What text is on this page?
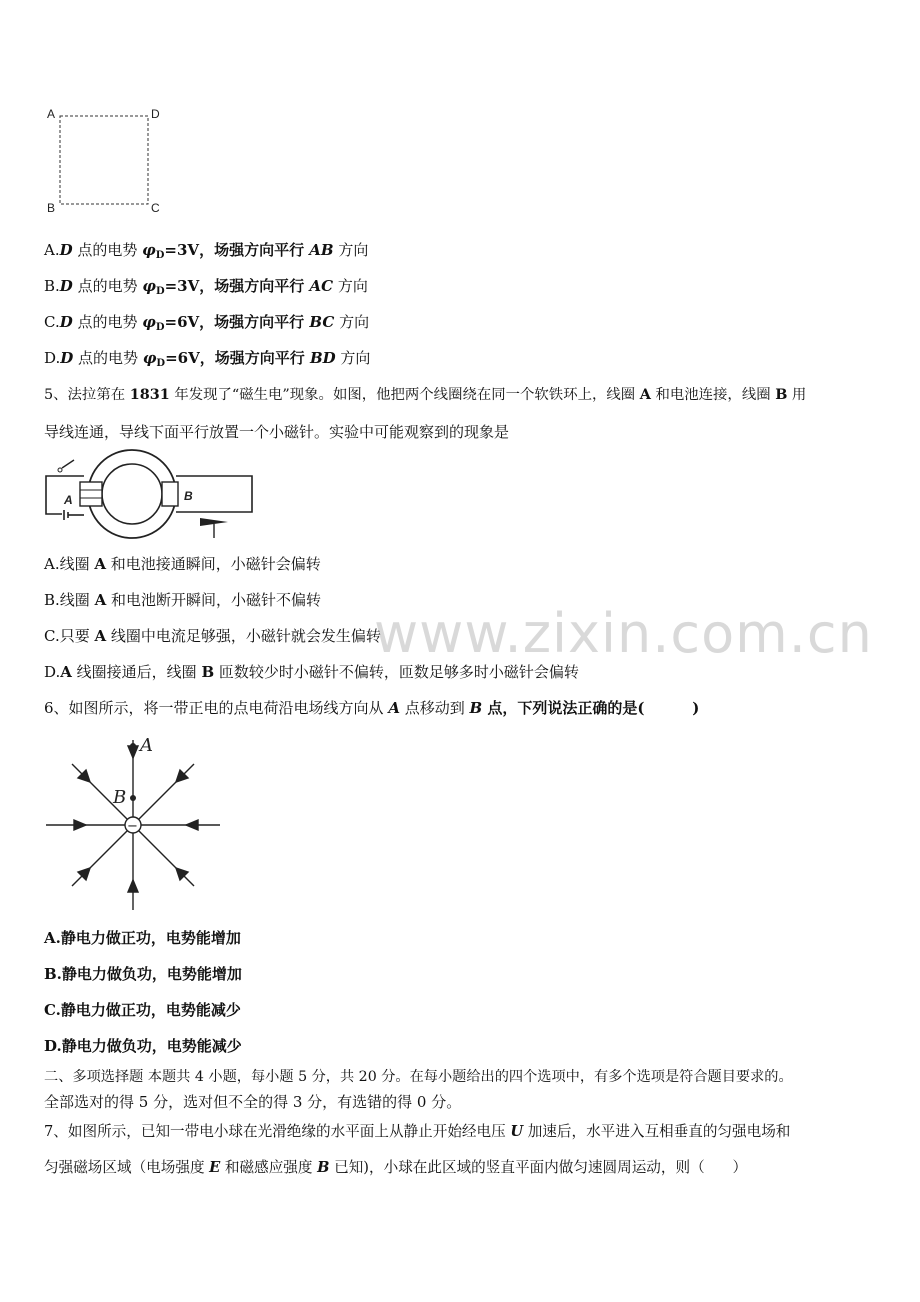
www.zixin.com.cn
A	D
B	C
A.D 点的电势 $\varphi_D=3V$，场强方向平行 AB 方向
B.D 点的电势 $\varphi_D=3V$，场强方向平行 AC 方向
C.D 点的电势 $\varphi_D=6V$，场强方向平行 BC 方向
D.D 点的电势 $\varphi_D=6V$，场强方向平行 BD 方向
5、法拉第在 1831 年发现了“磁生电”现象。如图，他把两个线圈绕在同一个软铁环上，线圈 A 和电池连接，线圈 B 用
导线连通，导线下面平行放置一个小磁针。实验中可能观察到的现象是
A	B
A.线圈 A 和电池接通瞬间，小磁针会偏转
B.线圈 A 和电池断开瞬间，小磁针不偏转
C.只要 A 线圈中电流足够强，小磁针就会发生偏转
D.A 线圈接通后，线圈 B 匝数较少时小磁针不偏转，匝数足够多时小磁针会偏转
6、如图所示，将一带正电的点电荷沿电场线方向从 A 点移动到 B 点，下列说法正确的是(	)
−
A
B
A.静电力做正功，电势能增加
B.静电力做负功，电势能增加
C.静电力做正功，电势能减少
D.静电力做负功，电势能减少
二、多项选择题 本题共 4 小题，每小题 5 分，共 20 分。在每小题给出的四个选项中，有多个选项是符合题目要求的。
全部选对的得 5 分，选对但不全的得 3 分，有选错的得 0 分。
7、如图所示，已知一带电小球在光滑绝缘的水平面上从静止开始经电压 U 加速后，水平进入互相垂直的匀强电场和
匀强磁场区域（电场强度 E 和磁感应强度 B 已知)，小球在此区域的竖直平面内做匀速圆周运动，则（ ）
